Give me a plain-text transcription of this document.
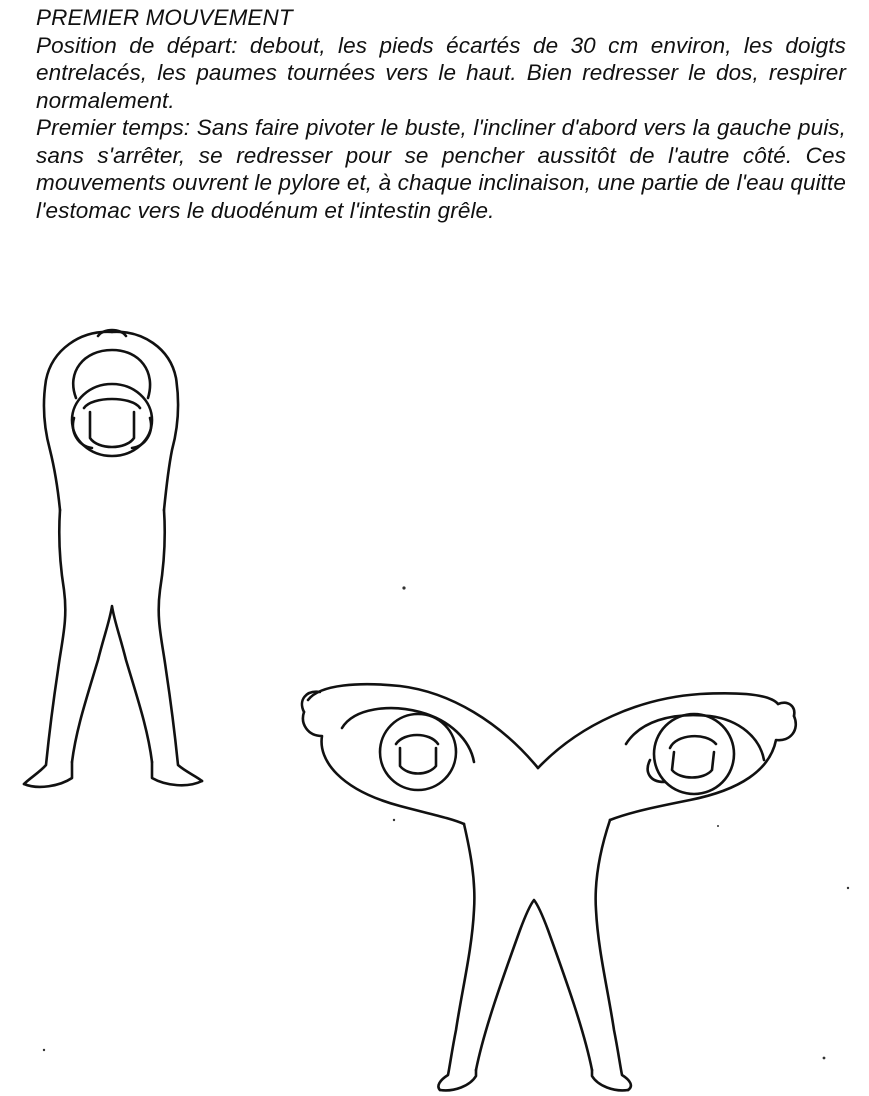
PREMIER MOUVEMENT

Position de départ: debout, les pieds écartés de 30 cm environ, les doigts entrelacés, les paumes tournées vers le haut. Bien redresser le dos, respirer normalement.

Premier temps: Sans faire pivoter le buste, l'incliner d'abord vers la gauche puis, sans s'arrêter, se redresser pour se pencher aussitôt de l'autre côté. Ces mouvements ouvrent le pylore et, à chaque inclinaison, une partie de l'eau quitte l'estomac vers le duodénum et l'intestin grêle.
